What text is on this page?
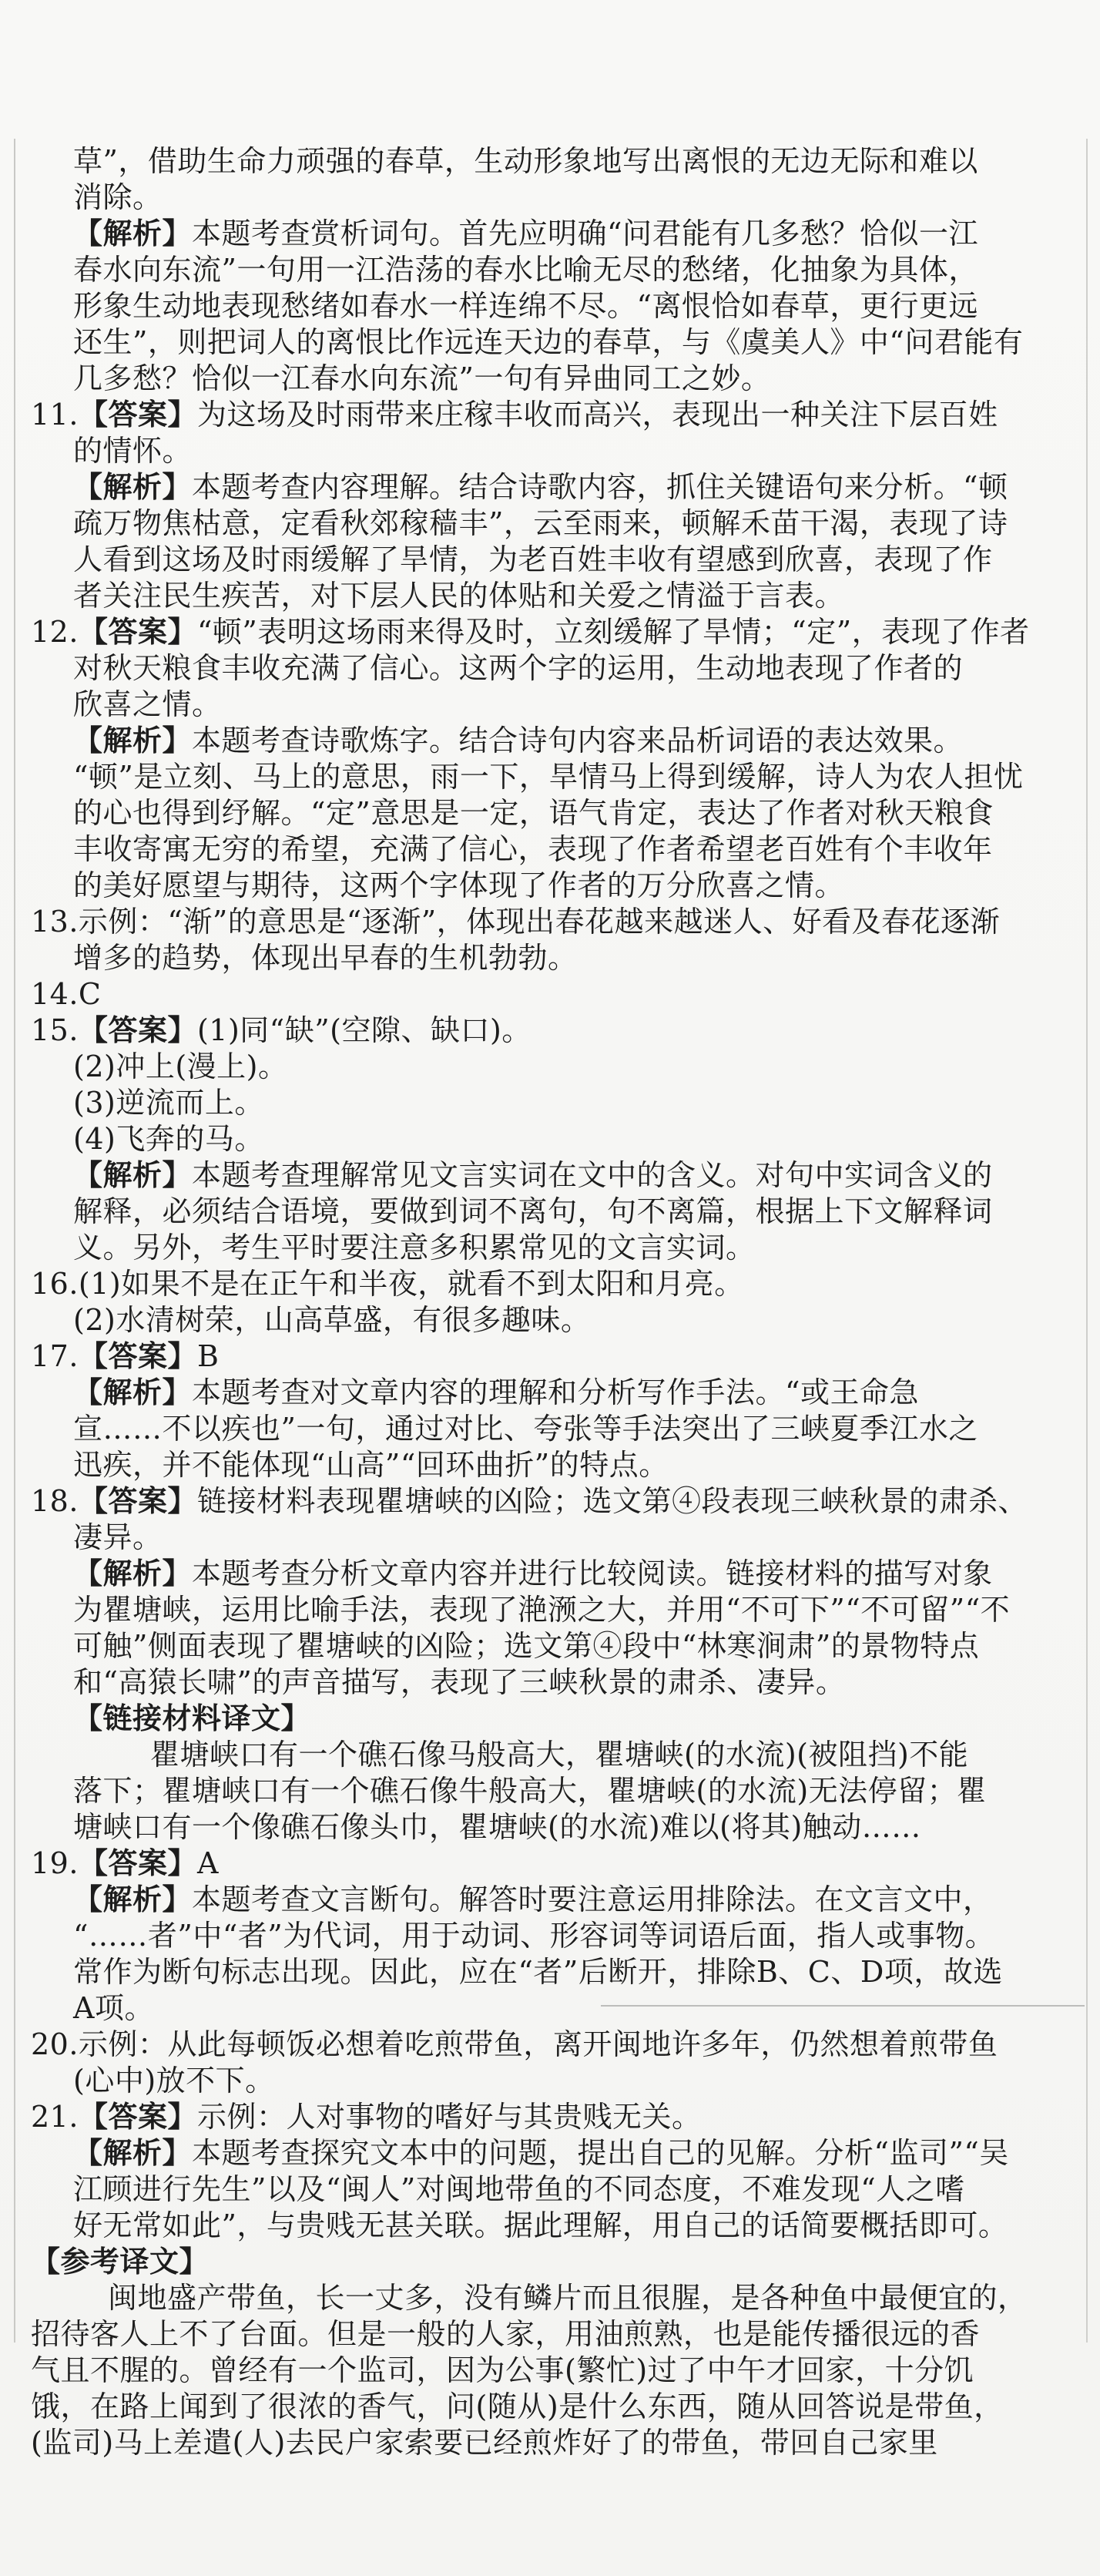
草”，借助生命力顽强的春草，生动形象地写出离恨的无边无际和难以

消除。

【解析】本题考查赏析词句。首先应明确“问君能有几多愁？恰似一江

春水向东流”一句用一江浩荡的春水比喻无尽的愁绪，化抽象为具体，

形象生动地表现愁绪如春水一样连绵不尽。“离恨恰如春草，更行更远

还生”，则把词人的离恨比作远连天边的春草，与《虞美人》中“问君能有

几多愁？恰似一江春水向东流”一句有异曲同工之妙。

11.【答案】为这场及时雨带来庄稼丰收而高兴，表现出一种关注下层百姓

的情怀。

【解析】本题考查内容理解。结合诗歌内容，抓住关键语句来分析。“顿

疏万物焦枯意，定看秋郊稼穑丰”，云至雨来，顿解禾苗干渴，表现了诗

人看到这场及时雨缓解了旱情，为老百姓丰收有望感到欣喜，表现了作

者关注民生疾苦，对下层人民的体贴和关爱之情溢于言表。

12.【答案】“顿”表明这场雨来得及时，立刻缓解了旱情；“定”，表现了作者

对秋天粮食丰收充满了信心。这两个字的运用，生动地表现了作者的

欣喜之情。

【解析】本题考查诗歌炼字。结合诗句内容来品析词语的表达效果。

“顿”是立刻、马上的意思，雨一下，旱情马上得到缓解，诗人为农人担忧

的心也得到纾解。“定”意思是一定，语气肯定，表达了作者对秋天粮食

丰收寄寓无穷的希望，充满了信心，表现了作者希望老百姓有个丰收年

的美好愿望与期待，这两个字体现了作者的万分欣喜之情。

13.示例：“渐”的意思是“逐渐”，体现出春花越来越迷人、好看及春花逐渐

增多的趋势，体现出早春的生机勃勃。

14.C

15.【答案】(1)同“缺”(空隙、缺口)。

(2)冲上(漫上)。

(3)逆流而上。

(4)飞奔的马。

【解析】本题考查理解常见文言实词在文中的含义。对句中实词含义的

解释，必须结合语境，要做到词不离句，句不离篇，根据上下文解释词

义。另外，考生平时要注意多积累常见的文言实词。

16.(1)如果不是在正午和半夜，就看不到太阳和月亮。

(2)水清树荣，山高草盛，有很多趣味。

17.【答案】B

【解析】本题考查对文章内容的理解和分析写作手法。“或王命急

宣……不以疾也”一句，通过对比、夸张等手法突出了三峡夏季江水之

迅疾，并不能体现“山高”“回环曲折”的特点。

18.【答案】链接材料表现瞿塘峡的凶险；选文第④段表现三峡秋景的肃杀、

凄异。

【解析】本题考查分析文章内容并进行比较阅读。链接材料的描写对象

为瞿塘峡，运用比喻手法，表现了滟滪之大，并用“不可下”“不可留”“不

可触”侧面表现了瞿塘峡的凶险；选文第④段中“林寒涧肃”的景物特点

和“高猿长啸”的声音描写，表现了三峡秋景的肃杀、凄异。

【链接材料译文】

瞿塘峡口有一个礁石像马般高大，瞿塘峡(的水流)(被阻挡)不能

落下；瞿塘峡口有一个礁石像牛般高大，瞿塘峡(的水流)无法停留；瞿

塘峡口有一个像礁石像头巾，瞿塘峡(的水流)难以(将其)触动……

19.【答案】A

【解析】本题考查文言断句。解答时要注意运用排除法。在文言文中，

“……者”中“者”为代词，用于动词、形容词等词语后面，指人或事物。

常作为断句标志出现。因此，应在“者”后断开，排除B、C、D项，故选

A项。

20.示例：从此每顿饭必想着吃煎带鱼，离开闽地许多年，仍然想着煎带鱼

(心中)放不下。

21.【答案】示例：人对事物的嗜好与其贵贱无关。

【解析】本题考查探究文本中的问题，提出自己的见解。分析“监司”“吴

江顾进行先生”以及“闽人”对闽地带鱼的不同态度，不难发现“人之嗜

好无常如此”，与贵贱无甚关联。据此理解，用自己的话简要概括即可。

【参考译文】

闽地盛产带鱼，长一丈多，没有鳞片而且很腥，是各种鱼中最便宜的，

招待客人上不了台面。但是一般的人家，用油煎熟，也是能传播很远的香

气且不腥的。曾经有一个监司，因为公事(繁忙)过了中午才回家，十分饥

饿，在路上闻到了很浓的香气，问(随从)是什么东西，随从回答说是带鱼，

(监司)马上差遣(人)去民户家索要已经煎炸好了的带鱼，带回自己家里
